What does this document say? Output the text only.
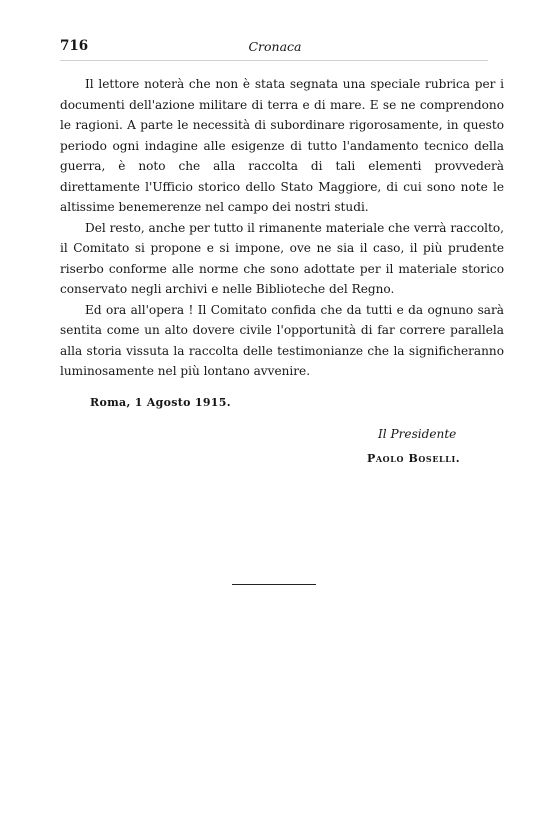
716	Cronaca

Il lettore noterà che non è stata segnata una speciale rubrica per i documenti dell'azione militare di terra e di mare. E se ne comprendono le ragioni. A parte le necessità di subordinare rigorosamente, in questo periodo ogni indagine alle esigenze di tutto l'andamento tecnico della guerra, è noto che alla raccolta di tali elementi provvederà direttamente l'Ufficio storico dello Stato Maggiore, di cui sono note le altissime benemerenze nel campo dei nostri studi.

Del resto, anche per tutto il rimanente materiale che verrà raccolto, il Comitato si propone e si impone, ove ne sia il caso, il più prudente riserbo conforme alle norme che sono adottate per il materiale storico conservato negli archivi e nelle Biblioteche del Regno.

Ed ora all'opera ! Il Comitato confida che da tutti e da ognuno sarà sentita come un alto dovere civile l'opportunità di far correre parallela alla storia vissuta la raccolta delle testimonianze che la significheranno luminosamente nel più lontano avvenire.

Roma, 1 Agosto 1915.
Il Presidente
Paolo Boselli.
